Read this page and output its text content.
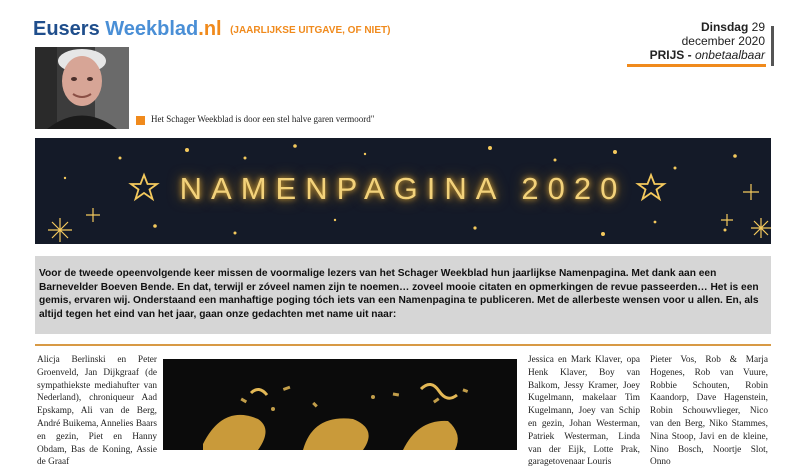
Eusers Weekblad.nl (JAARLIJKSE UITGAVE, OF NIET)	Dinsdag 29
december 2020
PRIJS - onbetaalbaar
Het Schager Weekblad is door een stel halve garen vermoord"
NAMENPAGINA 2020

Voor de tweede opeenvolgende keer missen de voormalige lezers van het Schager Weekblad hun jaarlijkse Namenpagina. Met dank aan een Barnevelder Boeven Bende. En dat, terwijl er zóveel namen zijn te noemen… zoveel mooie citaten en opmerkingen de revue passeerden… Het is een gemis, ervaren wij. Onderstaand een manhaftige poging tóch iets van een Namenpagina te publiceren. Met de allerbeste wensen voor u allen. En, als altijd tegen het eind van het jaar, gaan onze gedachten met name uit naar:

Alicja Berlinski en Peter Groenveld, Jan Dijkgraaf (de sympathiekste mediahufter van Nederland), chroniqueur Aad Epskamp, Ali van de Berg, André Buikema, Annelies Baars en gezin, Piet en Hanny Obdam, Bas de Koning, Assie de Graaf

Jessica en Mark Klaver, opa Henk Klaver, Boy van Balkom, Jessy Kramer, Joey Kugelmann, makelaar Tim Kugelmann, Joey van Schip en gezin, Johan Westerman, Patriek Westerman, Linda van der Eijk, Lotte Prak, garagetovenaar Louris

Pieter Vos, Rob & Marja Hogenes, Rob van Vuure, Robbie Schouten, Robin Kaandorp, Dave Hagenstein, Robin Schouwvlieger, Nico van den Berg, Niko Stammes, Nina Stoop, Javi en de kleine, Nino Bosch, Noortje Slot, Onno
